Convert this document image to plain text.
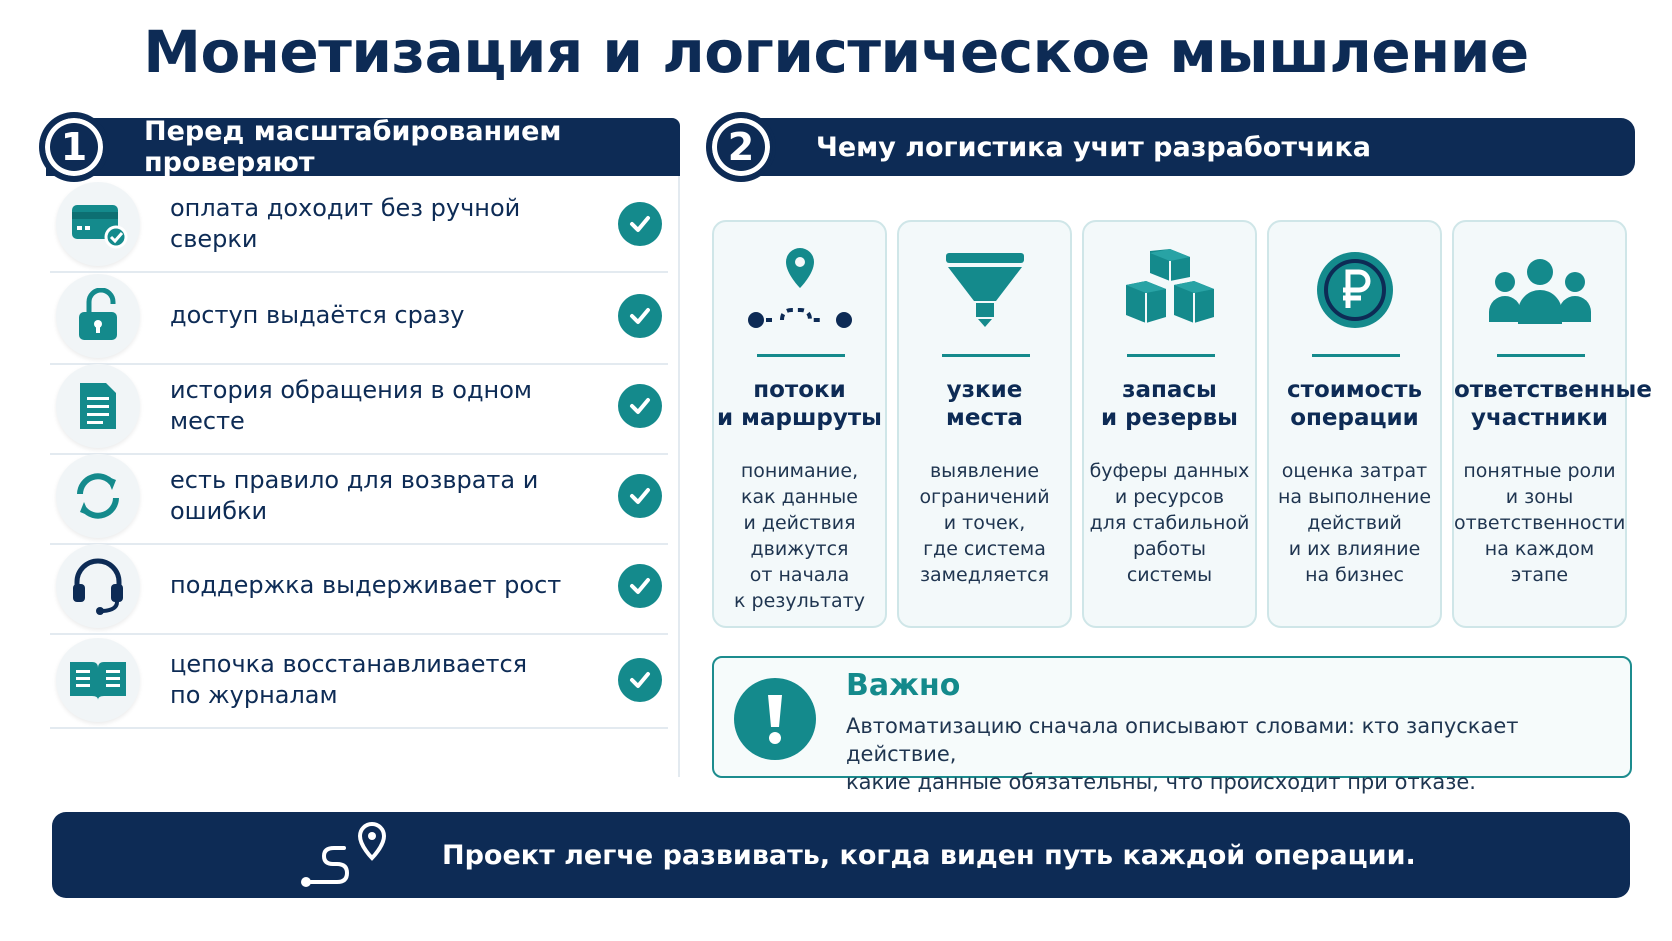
Монетизация и логистическое мышление
Перед масштабированием проверяют
1
оплата доходит без ручной сверки
доступ выдаётся сразу
история обращения в одном месте
есть правило для возврата и ошибки
поддержка выдерживает рост
цепочка восстанавливается
по журналам
Чему логистика учит разработчика
2
потоки
и маршруты
понимание,
как данные
и действия
движутся
от начала
к результату
узкие
места
выявление
ограничений
и точек,
где система
замедляется
запасы
и резервы
буферы данных
и ресурсов
для стабильной
работы
системы
стоимость
операции
оценка затрат
на выполнение
действий
и их влияние
на бизнес
ответственные
участники
понятные роли
и зоны
ответственности
на каждом
этапе
Важно
Автоматизацию сначала описывают словами: кто запускает действие,
какие данные обязательны, что происходит при отказе.
Проект легче развивать, когда виден путь каждой операции.
